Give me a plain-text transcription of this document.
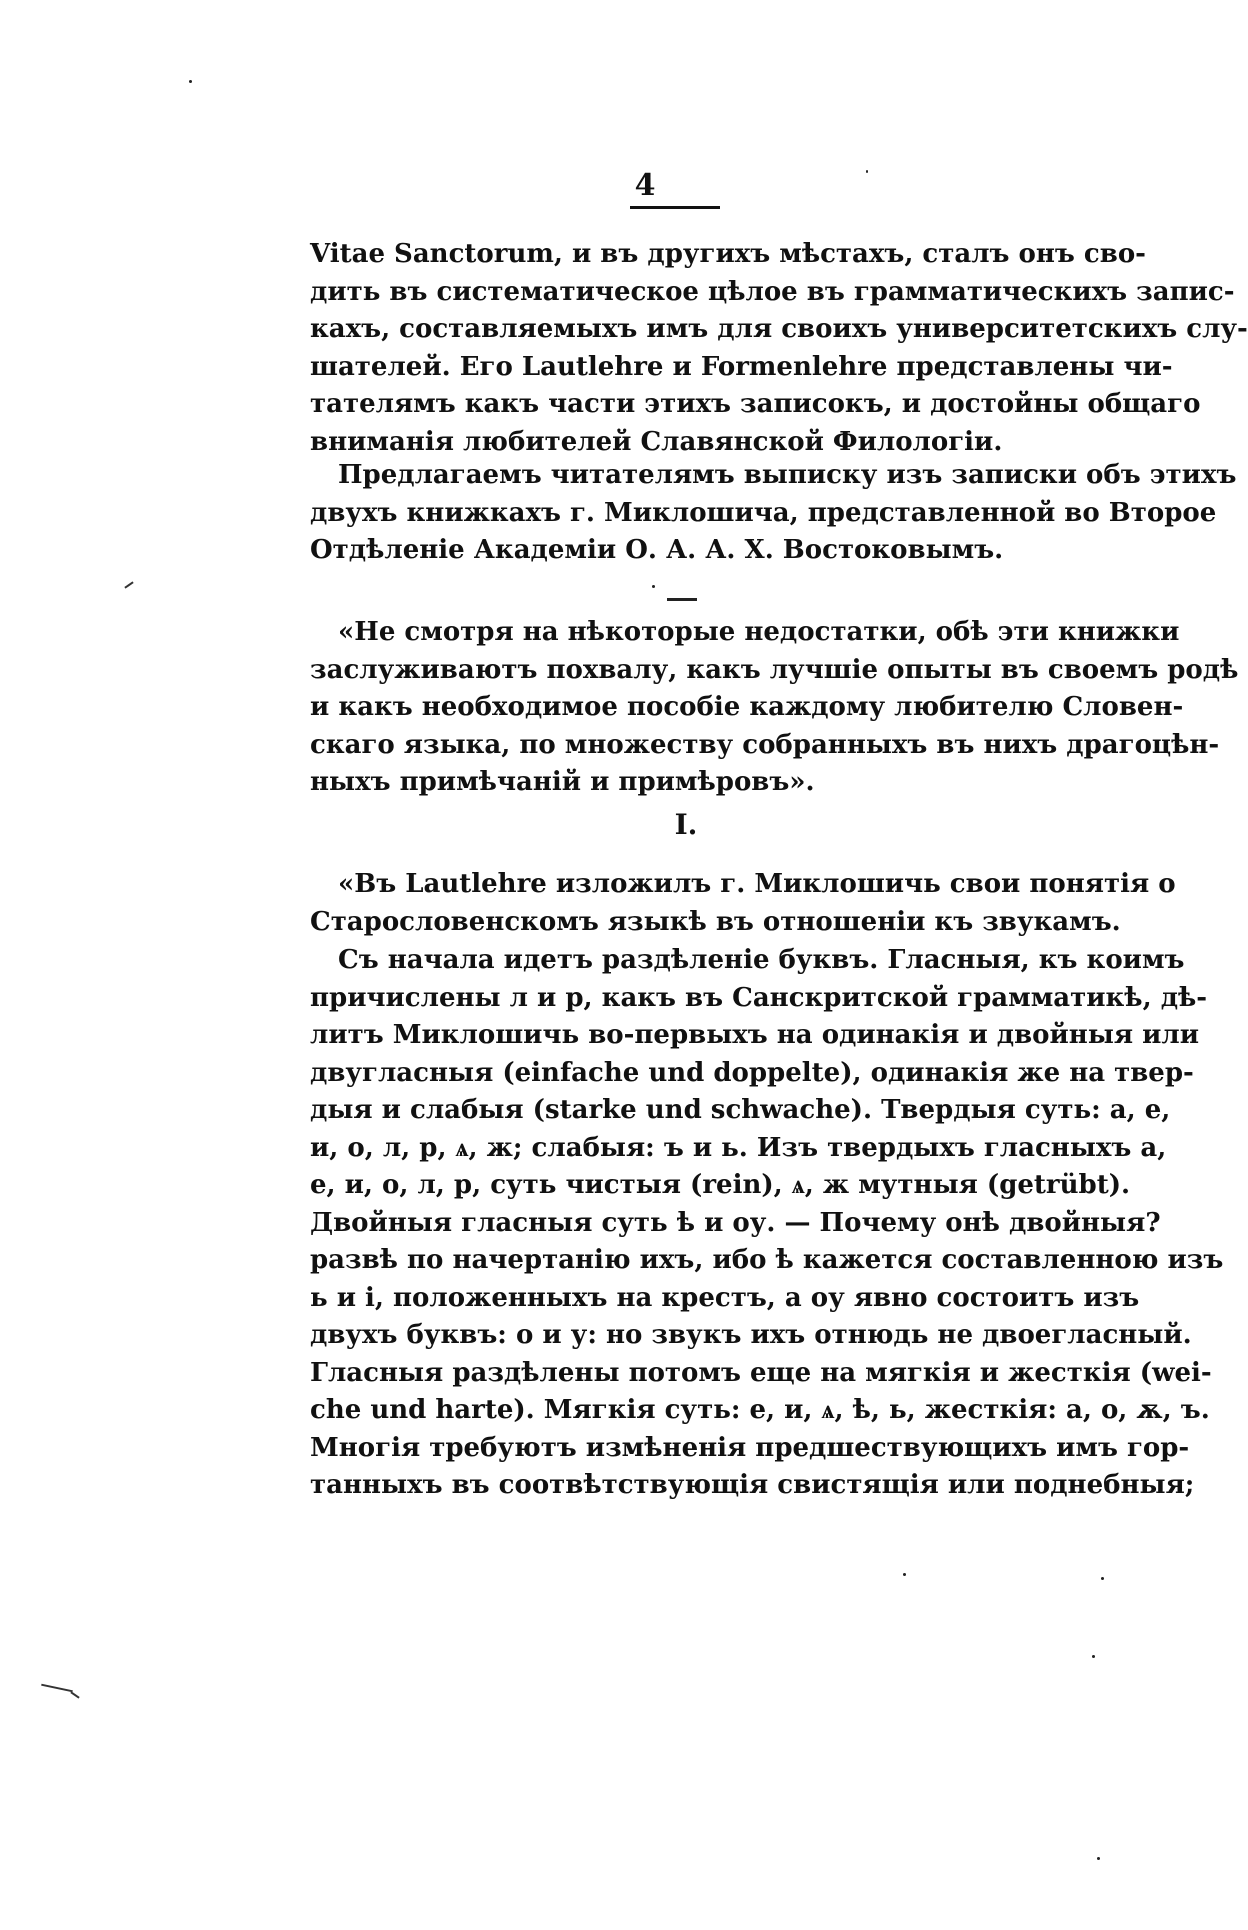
4
Vitae Sanctorum, и въ другихъ мѣстахъ, сталъ онъ сво-
дить въ систематическое цѣлое въ грамматическихъ запис-
кахъ, составляемыхъ имъ для своихъ университетскихъ слу-
шателей. Его Lautlehre и Formenlehre представлены чи-
тателямъ какъ части этихъ записокъ, и достойны общаго
вниманія любителей Славянской Филологіи.
Предлагаемъ читателямъ выписку изъ записки объ этихъ
двухъ книжкахъ г. Миклошича, представленной во Второе
Отдѣленіе Академіи О. А. А. Х. Востоковымъ.
«Не смотря на нѣкоторые недостатки, обѣ эти книжки
заслуживаютъ похвалу, какъ лучшіе опыты въ своемъ родѣ
и какъ необходимое пособіе каждому любителю Словен-
скаго языка, по множеству собранныхъ въ нихъ драгоцѣн-
ныхъ примѣчаній и примѣровъ».
I.
«Въ Lautlehre изложилъ г. Миклошичь свои понятія о
Старословенскомъ языкѣ въ отношеніи къ звукамъ.
Съ начала идетъ раздѣленіе буквъ. Гласныя, къ коимъ
причислены л и р, какъ въ Санскритской грамматикѣ, дѣ-
литъ Миклошичь во-первыхъ на одинакія и двойныя или
двугласныя (einfache und doppelte), одинакія же на твер-
дыя и слабыя (starke und schwache). Твердыя суть: а, е,
и, о, л, р, ѧ, ж; слабыя: ъ и ь. Изъ твердыхъ гласныхъ а,
е, и, о, л, р, суть чистыя (rein), ѧ, ж мутныя (getrübt).
Двойныя гласныя суть ѣ и оу. — Почему онѣ двойныя?
развѣ по начертанію ихъ, ибо ѣ кажется составленною изъ
ь и і, положенныхъ на крестъ, а оу явно состоитъ изъ
двухъ буквъ: о и у: но звукъ ихъ отнюдь не двоегласный.
Гласныя раздѣлены потомъ еще на мягкія и жесткія (wei-
che und harte). Мягкія суть: е, и, ѧ, ѣ, ь, жесткія: а, о, ѫ, ъ.
Многія требуютъ измѣненія предшествующихъ имъ гор-
танныхъ въ соотвѣтствующія свистящія или поднебныя;
